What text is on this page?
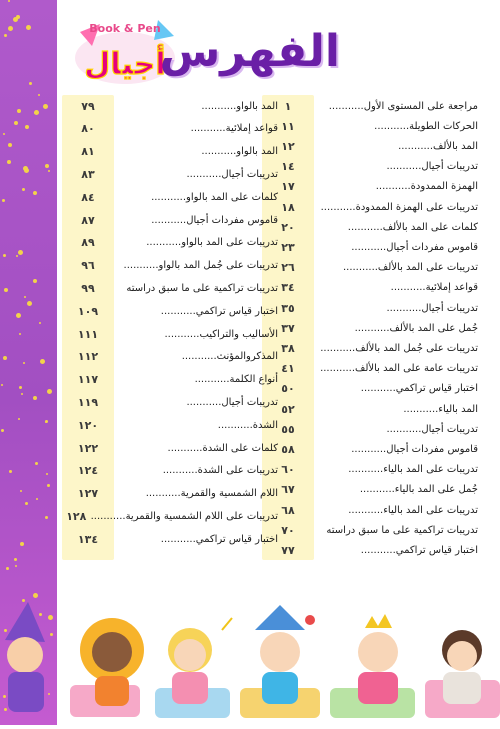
Book & Pen
أجيال
الفهرس
مراجعة على المستوى الأول...........
١
الحركات الطويلة...........
١١
المد بالألف...........
١٢
تدريبات أجيال...........
١٤
الهمزة الممدودة...........
١٧
تدريبات على الهمزة الممدودة...........
١٨
كلمات على المد بالألف...........
٢٠
قاموس مفردات أجيال...........
٢٣
تدريبات على المد بالألف...........
٢٦
قواعد إملائية...........
٣٤
تدريبات أجيال...........
٣٥
جُمل على المد بالألف...........
٣٧
تدريبات على جُمل المد بالألف...........
٣٨
تدريبات عامة على المد بالألف...........
٤١
اختبار قياس تراكمي...........
٥٠
المد بالياء...........
٥٢
تدريبات أجيال...........
٥٥
قاموس مفردات أجيال...........
٥٨
تدريبات على المد بالياء...........
٦٠
جُمل على المد بالياء...........
٦٧
تدريبات على المد بالياء...........
٦٨
تدريبات تراكمية على ما سبق دراسته
٧٠
اختبار قياس تراكمي...........
٧٧
المد بالواو...........
٧٩
قواعد إملائية...........
٨٠
المد بالواو...........
٨١
تدريبات أجيال...........
٨٣
كلمات على المد بالواو...........
٨٤
قاموس مفردات أجيال...........
٨٧
تدريبات على المد بالواو...........
٨٩
تدريبات على جُمل المد بالواو...........
٩٦
تدريبات تراكمية على ما سبق دراسته
٩٩
اختبار قياس تراكمي...........
١٠٩
الأساليب والتراكيب...........
١١١
المذكروالمؤنث...........
١١٢
أنواع الكلمة...........
١١٧
تدريبات أجيال...........
١١٩
الشدة...........
١٢٠
كلمات على الشدة...........
١٢٢
تدريبات على الشدة...........
١٢٤
اللام الشمسية والقمرية...........
١٢٧
تدريبات على اللام الشمسية والقمرية...........
١٢٨
اختبار قياس تراكمي...........
١٣٤
